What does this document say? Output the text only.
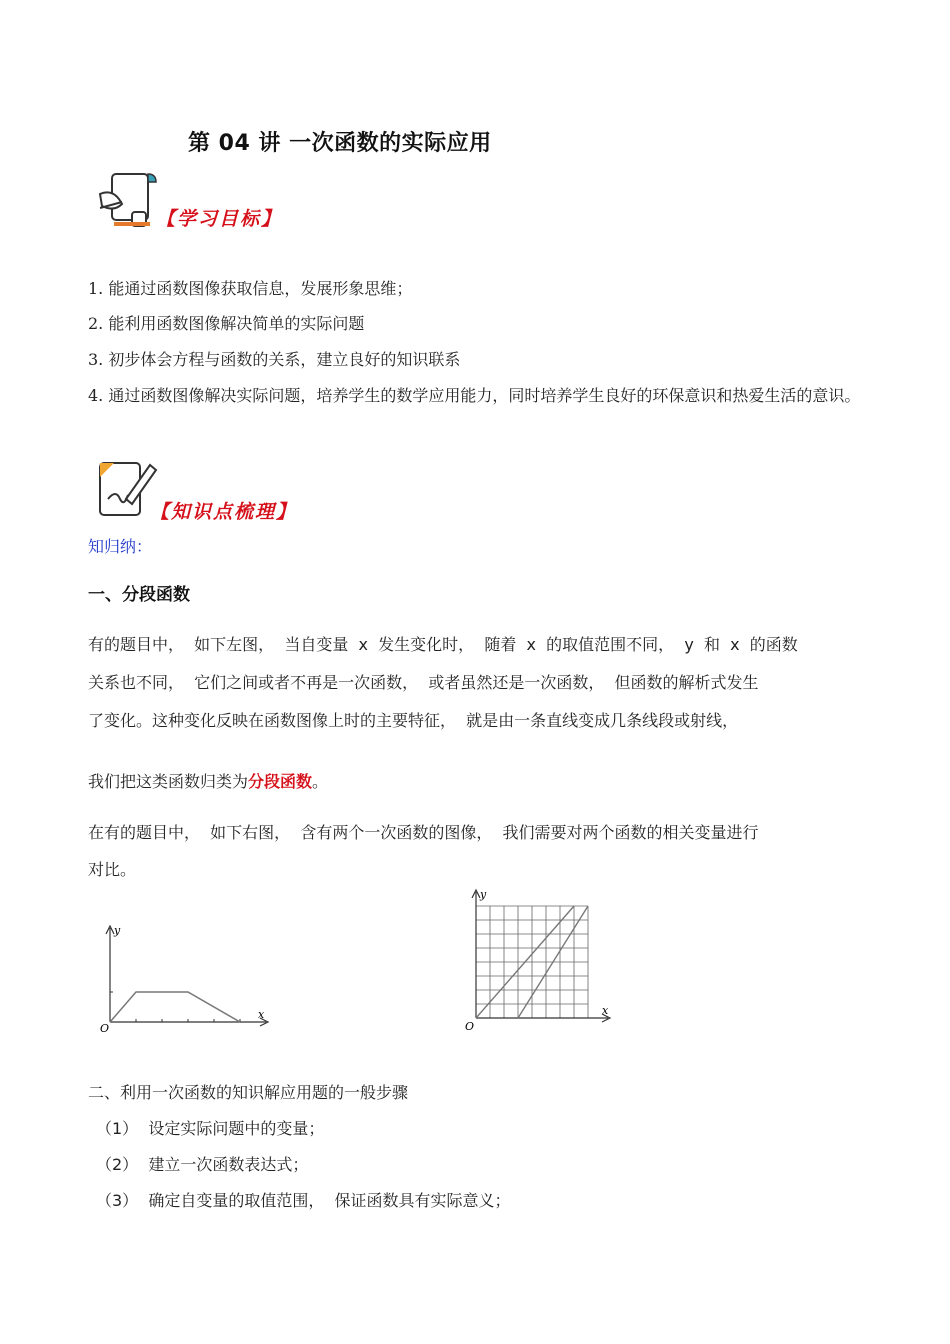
第 04 讲 一次函数的实际应用
【学习目标】
1. 能通过函数图像获取信息，发展形象思维；
2. 能利用函数图像解决简单的实际问题
3. 初步体会方程与函数的关系，建立良好的知识联系
4. 通过函数图像解决实际问题，培养学生的数学应用能力，同时培养学生良好的环保意识和热爱生活的意识。
【知识点梳理】
知归纳：
一、分段函数
有的题目中，  如下左图，  当自变量  x  发生变化时，  随着  x  的取值范围不同，  y  和  x  的函数
关系也不同，  它们之间或者不再是一次函数，  或者虽然还是一次函数，  但函数的解析式发生
了变化。这种变化反映在函数图像上时的主要特征，  就是由一条直线变成几条线段或射线，
我们把这类函数归类为分段函数。
在有的题目中，  如下右图，  含有两个一次函数的图像，  我们需要对两个函数的相关变量进行
对比。
y
x
O
y
x
O
二、利用一次函数的知识解应用题的一般步骤
（1）  设定实际问题中的变量；
（2）  建立一次函数表达式；
（3）  确定自变量的取值范围，  保证函数具有实际意义；
